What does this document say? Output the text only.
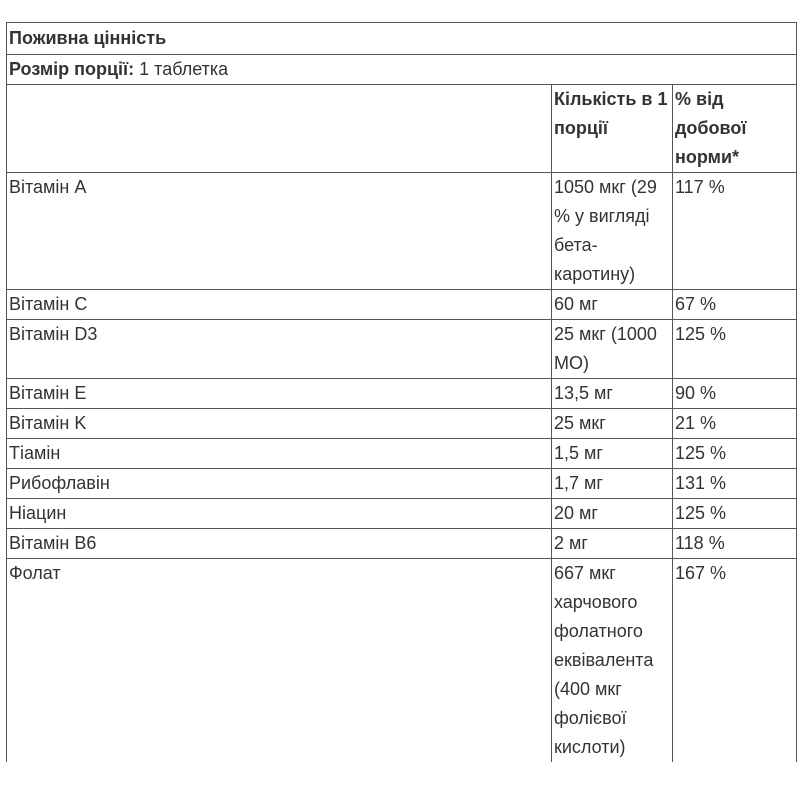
Поживна цінність		
Розмір порції: 1 таблетка		
	Кількість в 1 порції	% від добової норми*
Вітамін A	1050 мкг (29 % у вигляді бета-каротину)	117 %
Вітамін C	60 мг	67 %
Вітамін D3	25 мкг (1000 МО)	125 %
Вітамін E	13,5 мг	90 %
Вітамін K	25 мкг	21 %
Тіамін	1,5 мг	125 %
Рибофлавін	1,7 мг	131 %
Ніацин	20 мг	125 %
Вітамін B6	2 мг	118 %
Фолат	667 мкг харчового фолатного еквівалента (400 мкг фолієвої кислоти)	167 %
